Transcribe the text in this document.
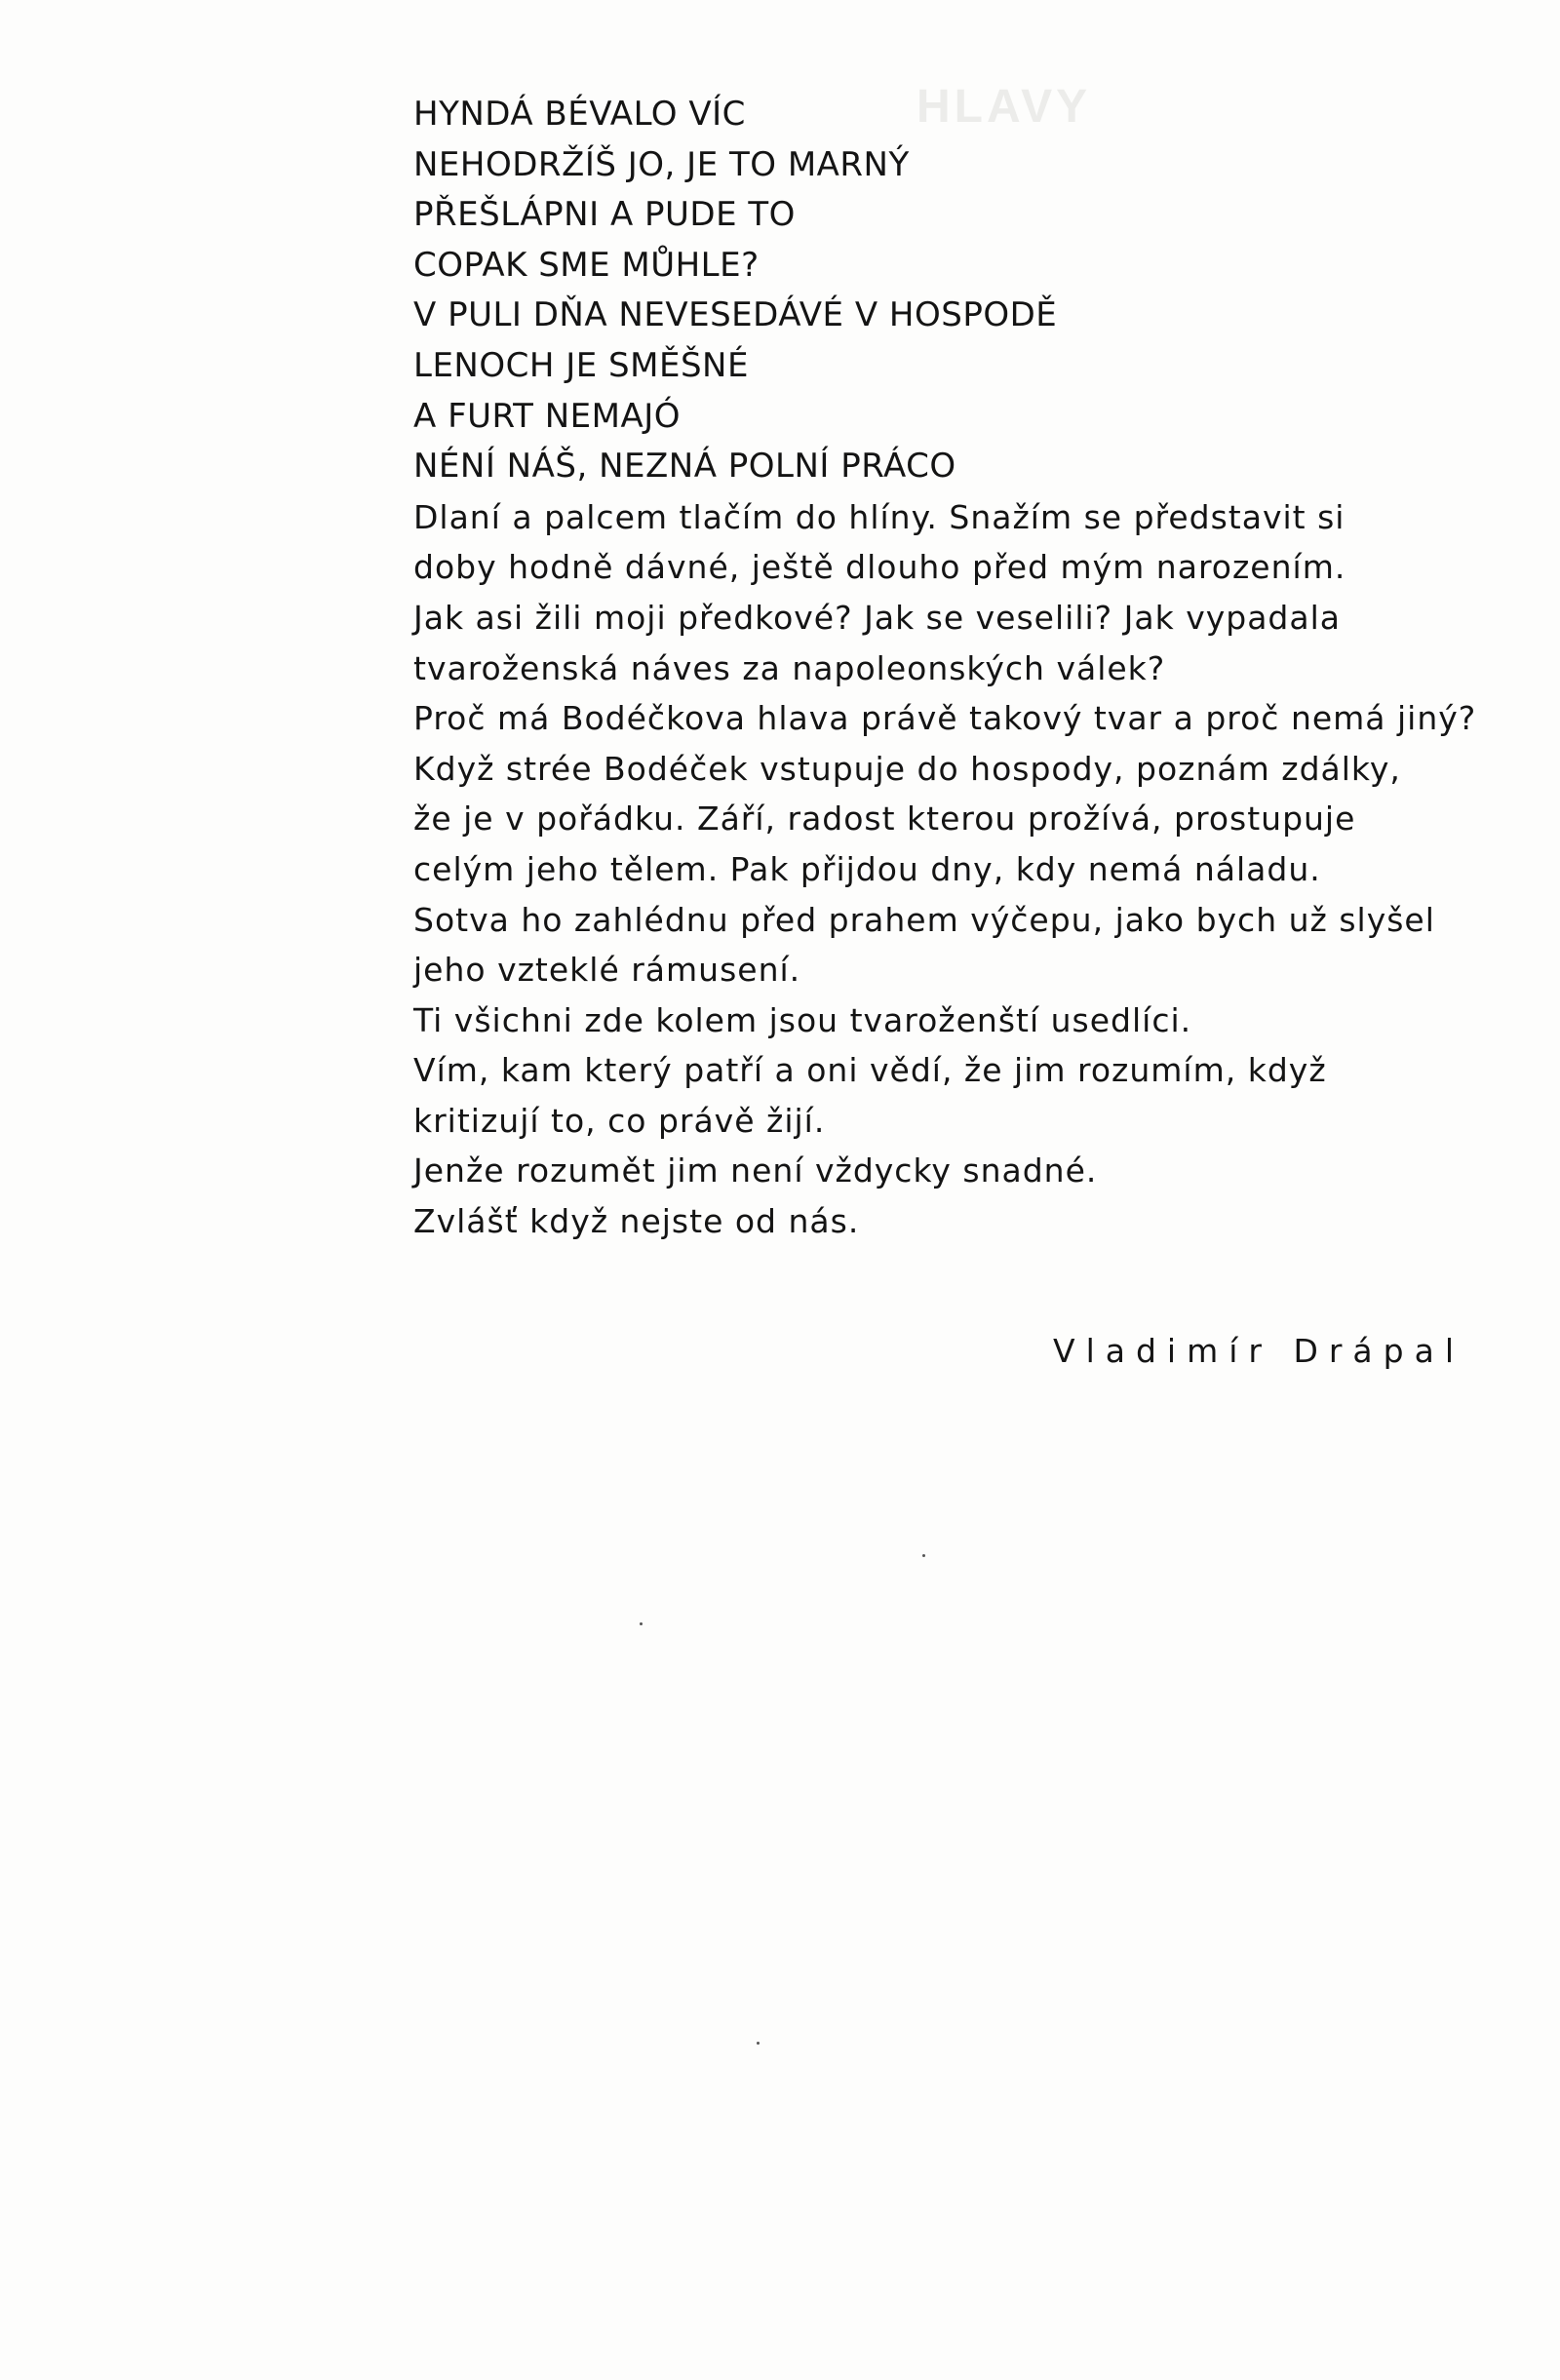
HLAVY

HYNDÁ BÉVALO VÍC
NEHODRŽÍŠ JO, JE TO MARNÝ
PŘEŠLÁPNI A PUDE TO
COPAK SME MŮHLE?
V PULI DŇA NEVESEDÁVÉ V HOSPODĚ
LENOCH JE SMĚŠNÉ
A FURT NEMAJÓ
NÉNÍ NÁŠ, NEZNÁ POLNÍ PRÁCO
Dlaní a palcem tlačím do hlíny. Snažím se představit si
doby hodně dávné, ještě dlouho před mým narozením.
Jak asi žili moji předkové? Jak se veselili? Jak vypadala
tvaroženská náves za napoleonských válek?
Proč má Bodéčkova hlava právě takový tvar a proč nemá jiný?
Když strée Bodéček vstupuje do hospody, poznám zdálky,
že je v pořádku. Září, radost kterou prožívá, prostupuje
celým jeho tělem. Pak přijdou dny, kdy nemá náladu.
Sotva ho zahlédnu před prahem výčepu, jako bych už slyšel
jeho vzteklé rámusení.
Ti všichni zde kolem jsou tvaroženští usedlíci.
Vím, kam který patří a oni vědí, že jim rozumím, když
kritizují to, co právě žijí.
Jenže rozumět jim není vždycky snadné.
Zvlášť když nejste od nás.
Vladimír Drápal
